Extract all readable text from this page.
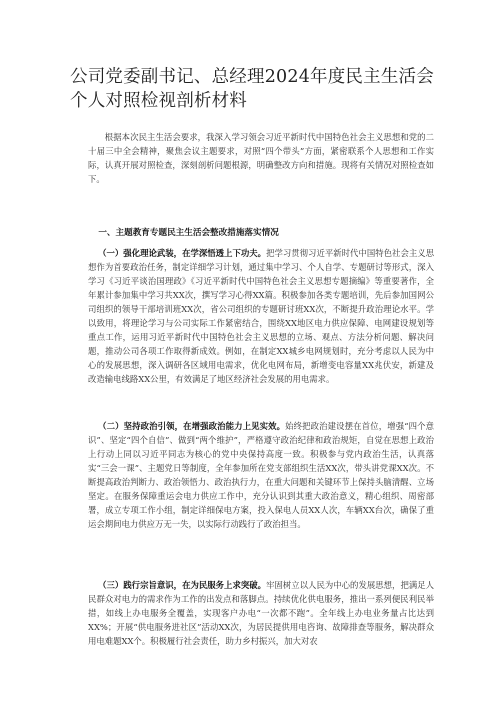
公司党委副书记、总经理2024年度民主生活会个人对照检视剖析材料
根据本次民主生活会要求，我深入学习领会习近平新时代中国特色社会主义思想和党的二十届三中全会精神，聚焦会议主题要求，对照“四个带头”方面，紧密联系个人思想和工作实际，认真开展对照检查，深刻剖析问题根源，明确整改方向和措施。现将有关情况对照检查如下。
一、主题教育专题民主生活会整改措施落实情况
（一）强化理论武装，在学深悟透上下功夫。把学习贯彻习近平新时代中国特色社会主义思想作为首要政治任务，制定详细学习计划，通过集中学习、个人自学、专题研讨等形式，深入学习《习近平谈治国理政》《习近平新时代中国特色社会主义思想专题摘编》等重要著作，全年累计参加集中学习共XX次，撰写学习心得XX篇。积极参加各类专题培训，先后参加国网公司组织的领导干部培训班XX次，省公司组织的专题研讨班XX次，不断提升政治理论水平。学以致用，将理论学习与公司实际工作紧密结合，围绕XX地区电力供应保障、电网建设规划等重点工作，运用习近平新时代中国特色社会主义思想的立场、观点、方法分析问题、解决问题，推动公司各项工作取得新成效。例如，在制定XX城乡电网规划时，充分考虑以人民为中心的发展思想，深入调研各区域用电需求，优化电网布局，新增变电容量XX兆伏安，新建及改造输电线路XX公里，有效满足了地区经济社会发展的用电需求。
（二）坚持政治引领，在增强政治能力上见实效。始终把政治建设摆在首位，增强“四个意识”、坚定“四个自信”、做到“两个维护”，严格遵守政治纪律和政治规矩，自觉在思想上政治上行动上同以习近平同志为核心的党中央保持高度一致。积极参与党内政治生活，认真落实“三会一课”、主题党日等制度，全年参加所在党支部组织生活XX次，带头讲党课XX次。不断提高政治判断力、政治领悟力、政治执行力，在重大问题和关键环节上保持头脑清醒、立场坚定。在服务保障重运会电力供应工作中，充分认识到其重大政治意义，精心组织、周密部署，成立专项工作小组，制定详细保电方案，投入保电人员XX人次，车辆XX台次，确保了重运会期间电力供应万无一失，以实际行动践行了政治担当。
（三）践行宗旨意识，在为民服务上求突破。牢固树立以人民为中心的发展思想，把满足人民群众对电力的需求作为工作的出发点和落脚点。持续优化供电服务，推出一系列便民利民举措，如线上办电服务全覆盖，实现客户办电“一次都不跑”。全年线上办电业务量占比达到XX%；开展“供电服务进社区”活动XX次，为居民提供用电咨询、故障排查等服务，解决群众用电难题XX个。积极履行社会责任，助力乡村振兴，加大对农
